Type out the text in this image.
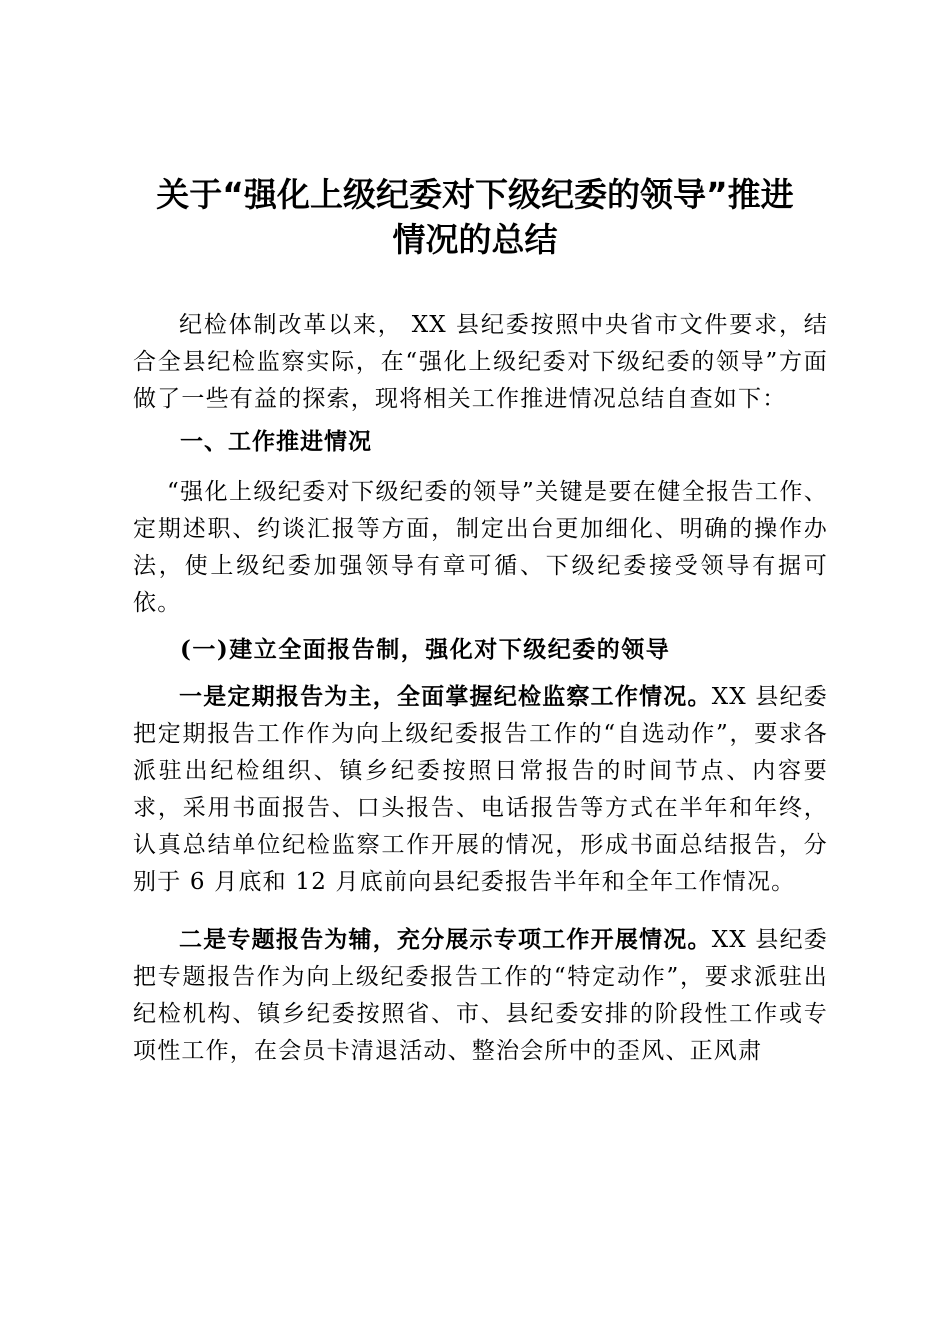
关于“强化上级纪委对下级纪委的领导”推进
情况的总结

纪检体制改革以来， XX 县纪委按照中央省市文件要求，结合全县纪检监察实际，在“强化上级纪委对下级纪委的领导”方面做了一些有益的探索，现将相关工作推进情况总结自查如下：

一、工作推进情况

“强化上级纪委对下级纪委的领导”关键是要在健全报告工作、定期述职、约谈汇报等方面，制定出台更加细化、明确的操作办法，使上级纪委加强领导有章可循、下级纪委接受领导有据可依。

(一)建立全面报告制，强化对下级纪委的领导

一是定期报告为主，全面掌握纪检监察工作情况。XX 县纪委把定期报告工作作为向上级纪委报告工作的“自选动作”，要求各派驻出纪检组织、镇乡纪委按照日常报告的时间节点、内容要求，采用书面报告、口头报告、电话报告等方式在半年和年终，认真总结单位纪检监察工作开展的情况，形成书面总结报告，分别于 6 月底和 12 月底前向县纪委报告半年和全年工作情况。

二是专题报告为辅，充分展示专项工作开展情况。XX 县纪委把专题报告作为向上级纪委报告工作的“特定动作”，要求派驻出纪检机构、镇乡纪委按照省、市、县纪委安排的阶段性工作或专项性工作，在会员卡清退活动、整治会所中的歪风、正风肃
